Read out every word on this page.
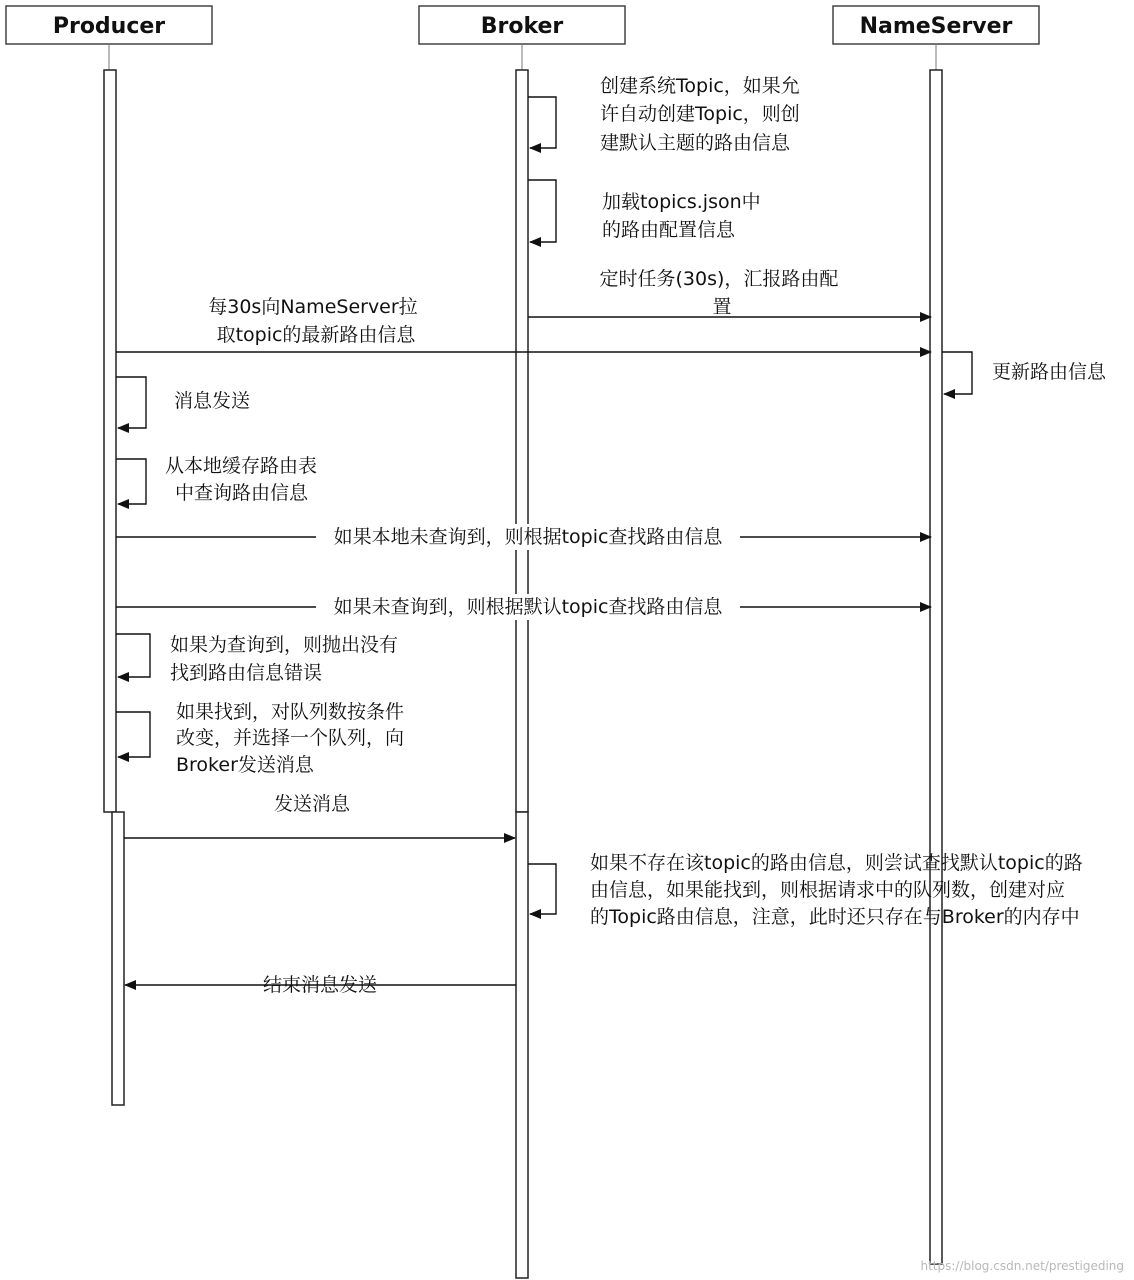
Producer	Broker	NameServer
创建系统Topic，如果允 许自动创建Topic，则创 建默认主题的路由信息
加载topics.json中 的路由配置信息
定时任务(30s)，汇报路由配 置
每30s向NameServer拉 取topic的最新路由信息
更新路由信息
消息发送
从本地缓存路由表 中查询路由信息
如果本地未查询到，则根据topic查找路由信息
如果未查询到，则根据默认topic查找路由信息
如果为查询到，则抛出没有 找到路由信息错误
如果找到，对队列数按条件 改变，并选择一个队列，向 Broker发送消息
发送消息
如果不存在该topic的路由信息，则尝试查找默认topic的路 由信息，如果能找到，则根据请求中的队列数，创建对应 的Topic路由信息，注意，此时还只存在与Broker的内存中
结束消息发送
https://blog.csdn.net/prestigeding
